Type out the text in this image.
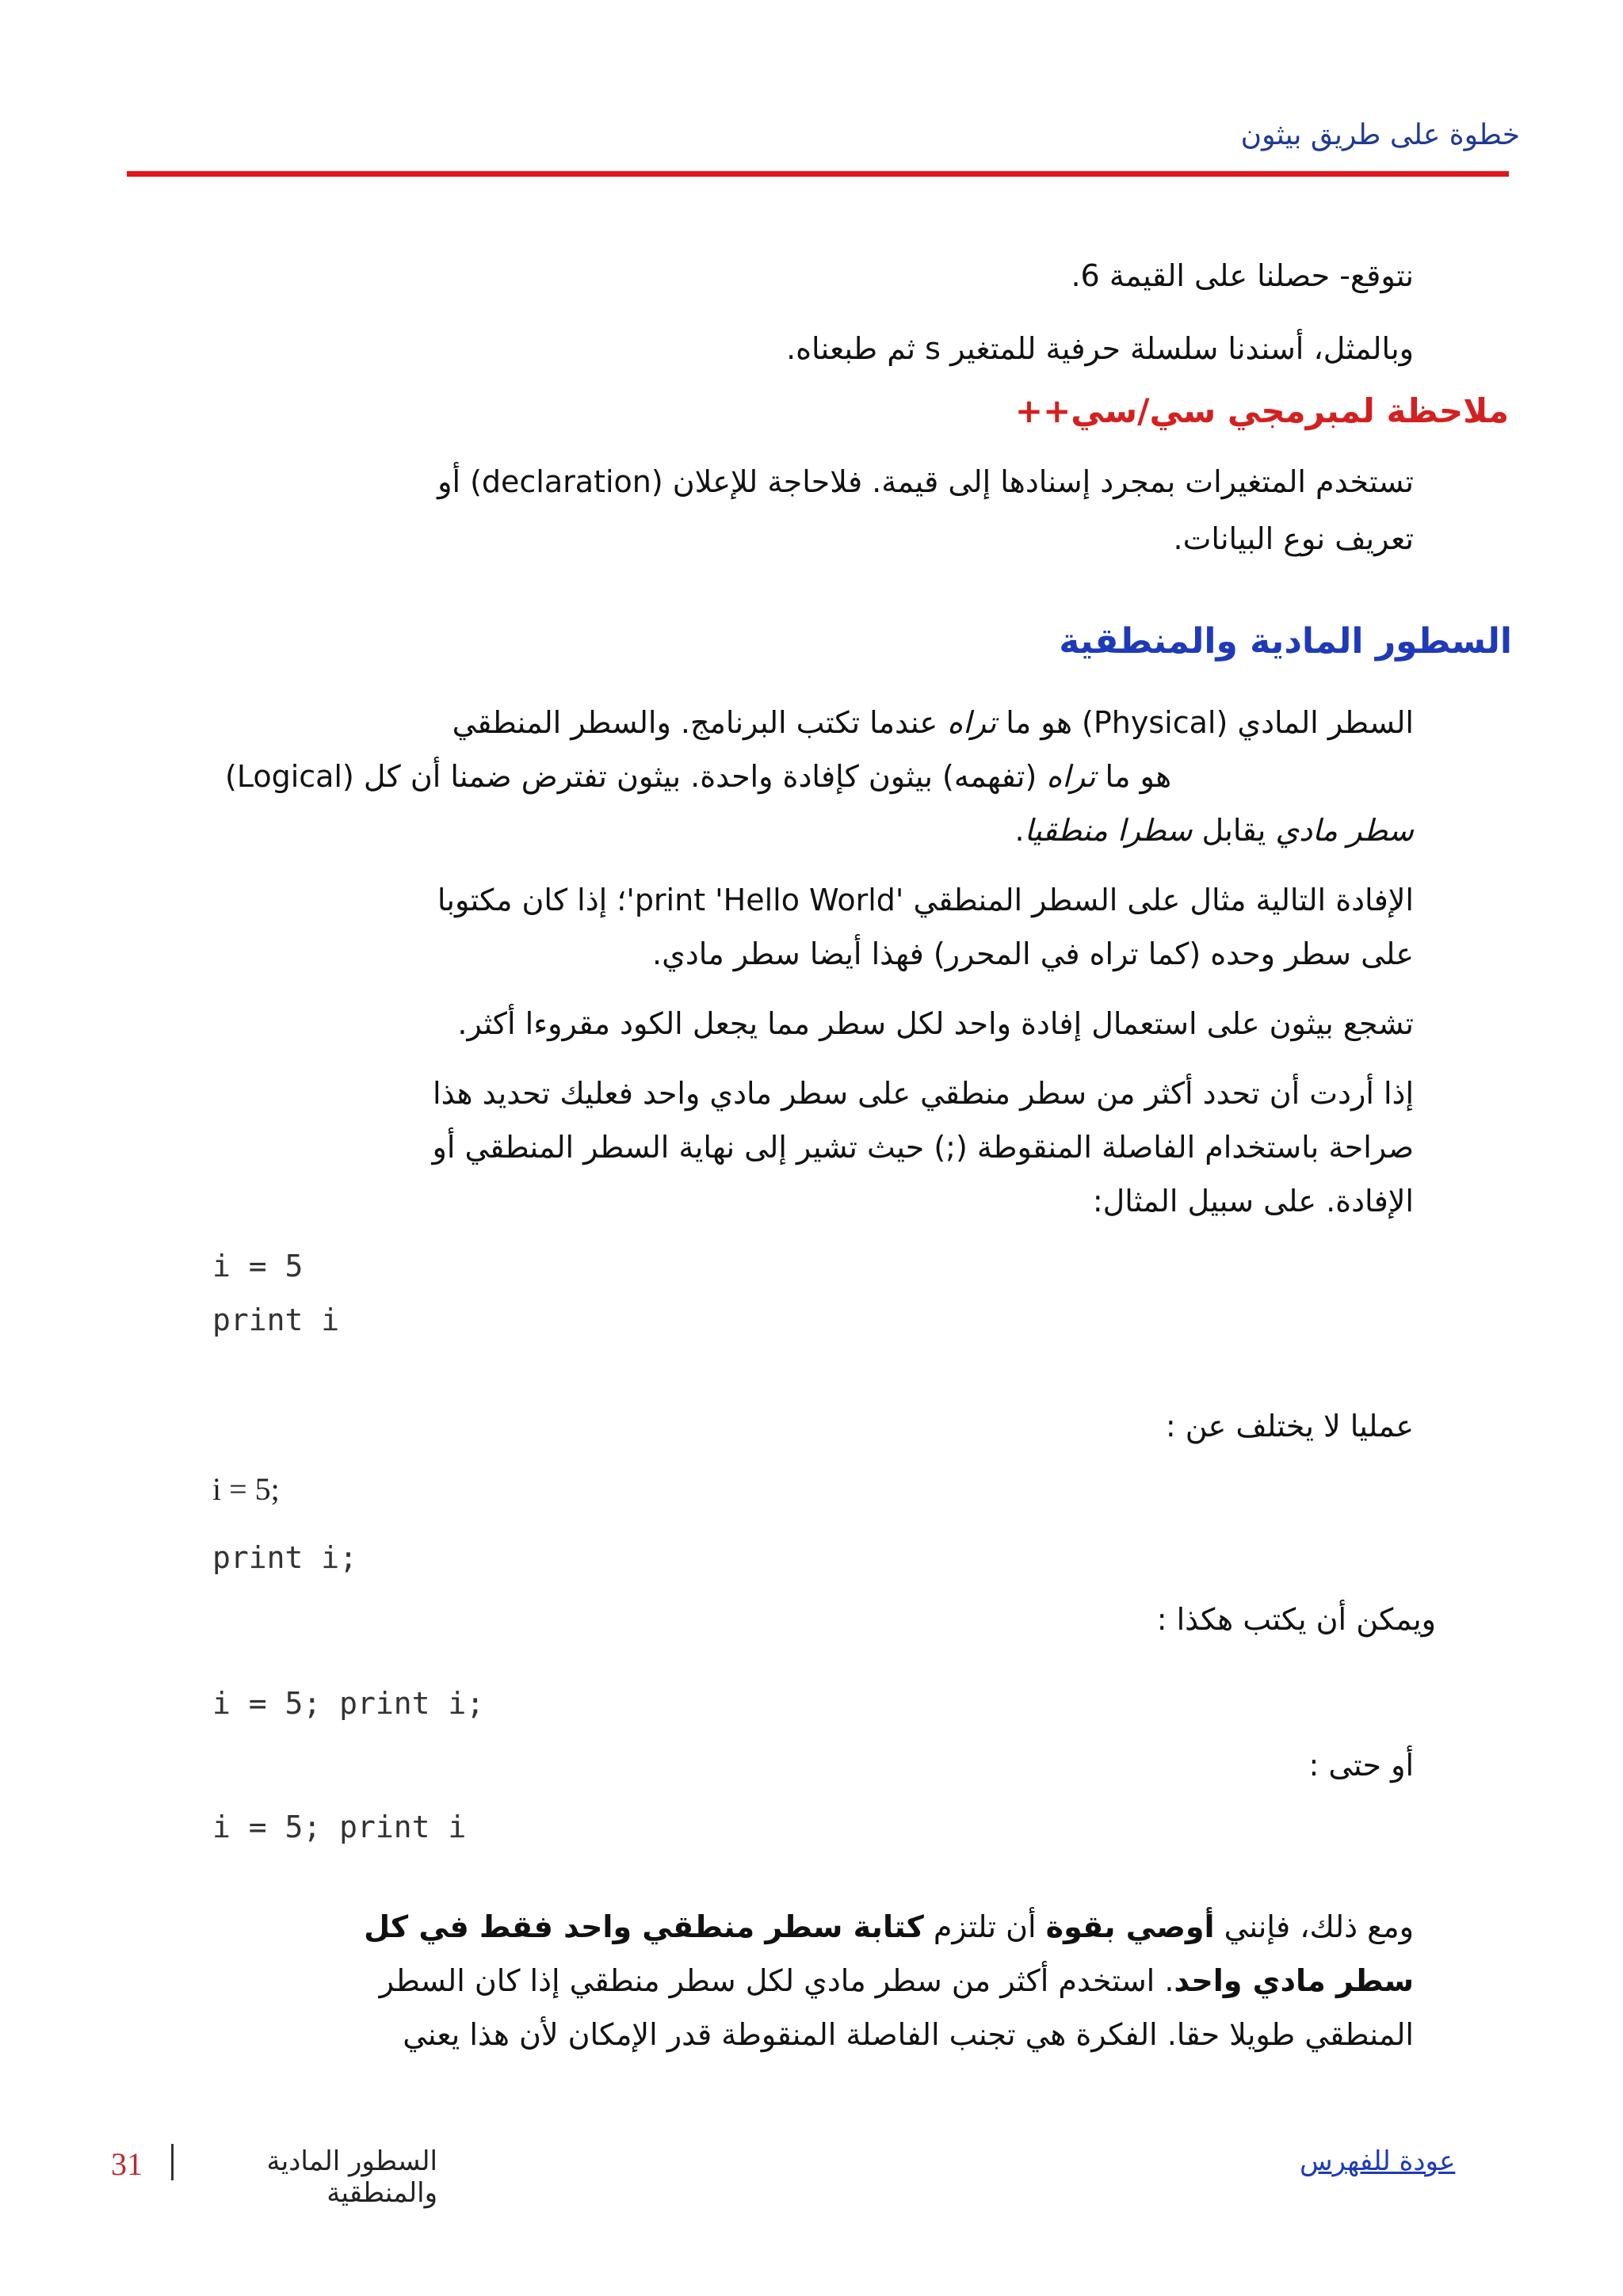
خطوة على طريق بيثون
نتوقع- حصلنا على القيمة 6.
وبالمثل، أسندنا سلسلة حرفية للمتغير s ثم طبعناه.
ملاحظة لمبرمجي سي/سي++
تستخدم المتغيرات بمجرد إسنادها إلى قيمة. فلاحاجة للإعلان (declaration) أو
تعريف نوع البيانات.
السطور المادية والمنطقية
السطر المادي (Physical) هو ما تراه عندما تكتب البرنامج. والسطر المنطقي
(Logical) هو ما تراه (تفهمه) بيثون كإفادة واحدة. بيثون تفترض ضمنا أن كل
سطر مادي يقابل سطرا منطقيا.
الإفادة التالية مثال على السطر المنطقي 'print 'Hello World'؛ إذا كان مكتوبا
على سطر وحده (كما تراه في المحرر) فهذا أيضا سطر مادي.
تشجع بيثون على استعمال إفادة واحد لكل سطر مما يجعل الكود مقروءا أكثر.
إذا أردت أن تحدد أكثر من سطر منطقي على سطر مادي واحد فعليك تحديد هذا
صراحة باستخدام الفاصلة المنقوطة (;) حيث تشير إلى نهاية السطر المنطقي أو
الإفادة. على سبيل المثال:
i = 5
print i
عمليا لا يختلف عن :
i = 5;
print i;
ويمكن أن يكتب هكذا :
i = 5; print i;
أو حتى :
i = 5; print i
ومع ذلك، فإنني أوصي بقوة أن تلتزم كتابة سطر منطقي واحد فقط في كل
سطر مادي واحد. استخدم أكثر من سطر مادي لكل سطر منطقي إذا كان السطر
المنطقي طويلا حقا. الفكرة هي تجنب الفاصلة المنقوطة قدر الإمكان لأن هذا يعني
31	السطور المادية والمنطقية
عودة للفهرس
